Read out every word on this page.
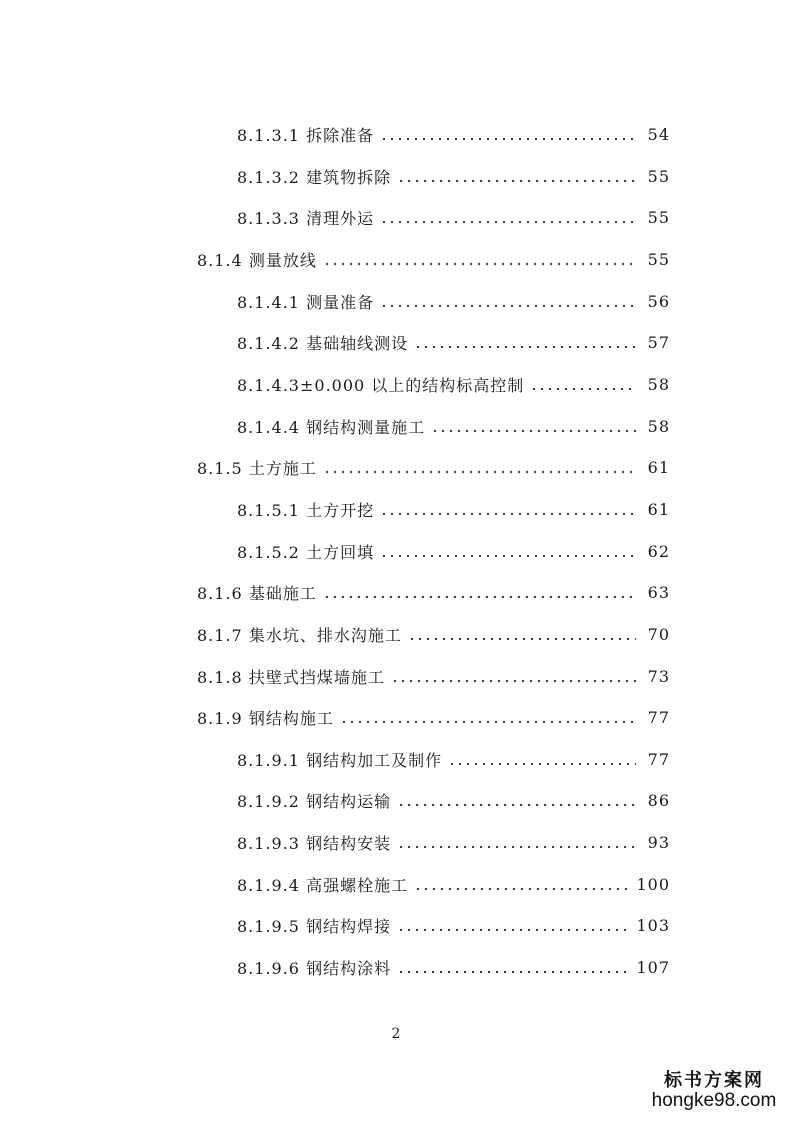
8.1.3.1 拆除准备	54
8.1.3.2 建筑物拆除	55
8.1.3.3 清理外运	55
8.1.4 测量放线	55
8.1.4.1 测量准备	56
8.1.4.2 基础轴线测设	57
8.1.4.3±0.000 以上的结构标高控制	58
8.1.4.4 钢结构测量施工	58
8.1.5 土方施工	61
8.1.5.1 土方开挖	61
8.1.5.2 土方回填	62
8.1.6 基础施工	63
8.1.7 集水坑、排水沟施工	70
8.1.8 扶壁式挡煤墙施工	73
8.1.9 钢结构施工	77
8.1.9.1 钢结构加工及制作	77
8.1.9.2 钢结构运输	86
8.1.9.3 钢结构安装	93
8.1.9.4 高强螺栓施工	100
8.1.9.5 钢结构焊接	103
8.1.9.6 钢结构涂料	107
2
标书方案网
hongke98.com
